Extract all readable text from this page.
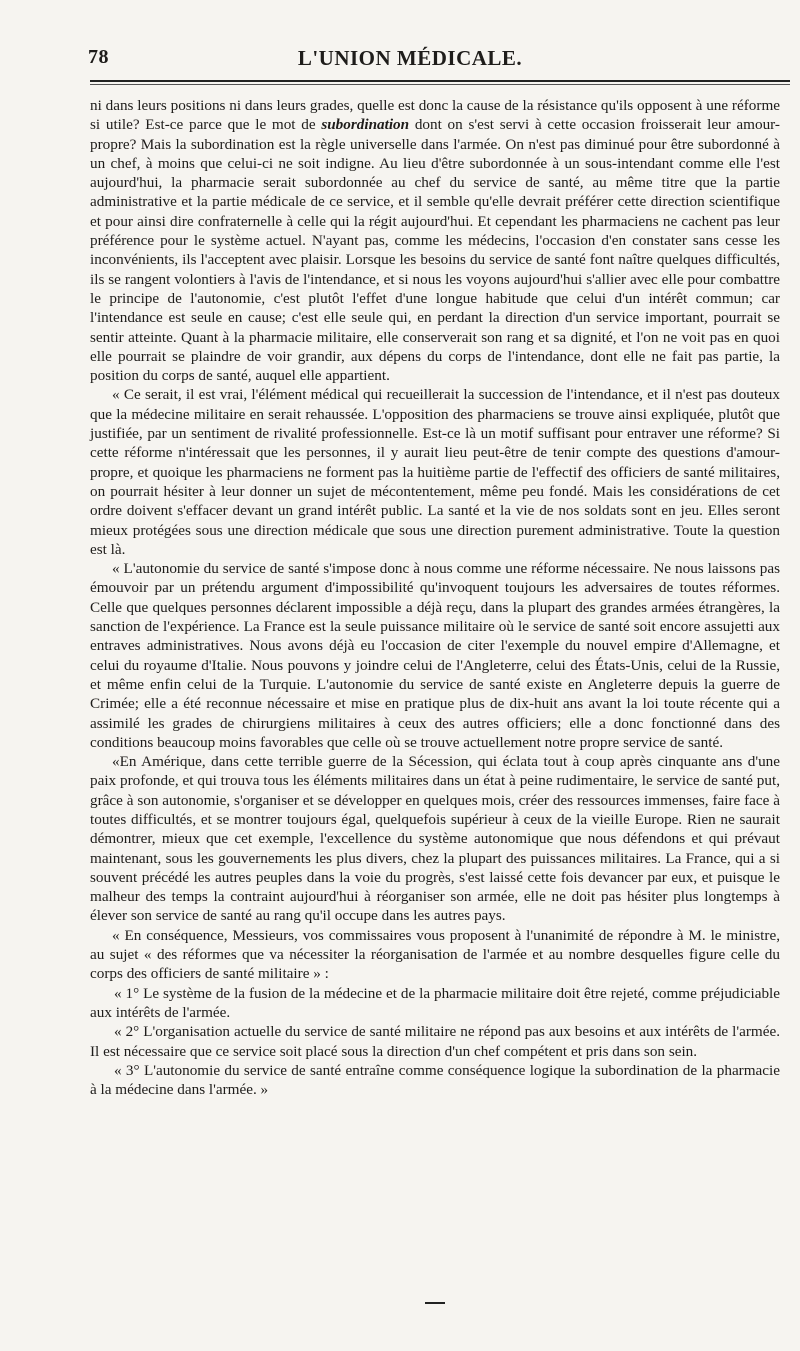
78	L'UNION MÉDICALE.

ni dans leurs positions ni dans leurs grades, quelle est donc la cause de la résistance qu'ils opposent à une réforme si utile? Est-ce parce que le mot de subordination dont on s'est servi à cette occasion froisserait leur amour-propre? Mais la subordination est la règle universelle dans l'armée. On n'est pas diminué pour être subordonné à un chef, à moins que celui-ci ne soit indigne. Au lieu d'être subordonnée à un sous-intendant comme elle l'est aujourd'hui, la pharmacie serait subordonnée au chef du service de santé, au même titre que la partie administrative et la partie médicale de ce service, et il semble qu'elle devrait préférer cette direction scientifique et pour ainsi dire confraternelle à celle qui la régit aujourd'hui. Et cependant les pharmaciens ne cachent pas leur préférence pour le système actuel. N'ayant pas, comme les médecins, l'occasion d'en constater sans cesse les inconvénients, ils l'acceptent avec plaisir. Lorsque les besoins du service de santé font naître quelques difficultés, ils se rangent volontiers à l'avis de l'intendance, et si nous les voyons aujourd'hui s'allier avec elle pour combattre le principe de l'autonomie, c'est plutôt l'effet d'une longue habitude que celui d'un intérêt commun; car l'intendance est seule en cause; c'est elle seule qui, en perdant la direction d'un service important, pourrait se sentir atteinte. Quant à la pharmacie militaire, elle conserverait son rang et sa dignité, et l'on ne voit pas en quoi elle pourrait se plaindre de voir grandir, aux dépens du corps de l'intendance, dont elle ne fait pas partie, la position du corps de santé, auquel elle appartient.

« Ce serait, il est vrai, l'élément médical qui recueillerait la succession de l'intendance, et il n'est pas douteux que la médecine militaire en serait rehaussée. L'opposition des pharmaciens se trouve ainsi expliquée, plutôt que justifiée, par un sentiment de rivalité professionnelle. Est-ce là un motif suffisant pour entraver une réforme? Si cette réforme n'intéressait que les personnes, il y aurait lieu peut-être de tenir compte des questions d'amour-propre, et quoique les pharmaciens ne forment pas la huitième partie de l'effectif des officiers de santé militaires, on pourrait hésiter à leur donner un sujet de mécontentement, même peu fondé. Mais les considérations de cet ordre doivent s'effacer devant un grand intérêt public. La santé et la vie de nos soldats sont en jeu. Elles seront mieux protégées sous une direction médicale que sous une direction purement administrative. Toute la question est là.

« L'autonomie du service de santé s'impose donc à nous comme une réforme nécessaire. Ne nous laissons pas émouvoir par un prétendu argument d'impossibilité qu'invoquent toujours les adversaires de toutes réformes. Celle que quelques personnes déclarent impossible a déjà reçu, dans la plupart des grandes armées étrangères, la sanction de l'expérience. La France est la seule puissance militaire où le service de santé soit encore assujetti aux entraves administratives. Nous avons déjà eu l'occasion de citer l'exemple du nouvel empire d'Allemagne, et celui du royaume d'Italie. Nous pouvons y joindre celui de l'Angleterre, celui des États-Unis, celui de la Russie, et même enfin celui de la Turquie. L'autonomie du service de santé existe en Angleterre depuis la guerre de Crimée; elle a été reconnue nécessaire et mise en pratique plus de dix-huit ans avant la loi toute récente qui a assimilé les grades de chirurgiens militaires à ceux des autres officiers; elle a donc fonctionné dans des conditions beaucoup moins favorables que celle où se trouve actuellement notre propre service de santé.

«En Amérique, dans cette terrible guerre de la Sécession, qui éclata tout à coup après cinquante ans d'une paix profonde, et qui trouva tous les éléments militaires dans un état à peine rudimentaire, le service de santé put, grâce à son autonomie, s'organiser et se développer en quelques mois, créer des ressources immenses, faire face à toutes difficultés, et se montrer toujours égal, quelquefois supérieur à ceux de la vieille Europe. Rien ne saurait démontrer, mieux que cet exemple, l'excellence du système autonomique que nous défendons et qui prévaut maintenant, sous les gouvernements les plus divers, chez la plupart des puissances militaires. La France, qui a si souvent précédé les autres peuples dans la voie du progrès, s'est laissé cette fois devancer par eux, et puisque le malheur des temps la contraint aujourd'hui à réorganiser son armée, elle ne doit pas hésiter plus longtemps à élever son service de santé au rang qu'il occupe dans les autres pays.

« En conséquence, Messieurs, vos commissaires vous proposent à l'unanimité de répondre à M. le ministre, au sujet « des réformes que va nécessiter la réorganisation de l'armée et au nombre desquelles figure celle du corps des officiers de santé militaire » :

« 1° Le système de la fusion de la médecine et de la pharmacie militaire doit être rejeté, comme préjudiciable aux intérêts de l'armée.

« 2° L'organisation actuelle du service de santé militaire ne répond pas aux besoins et aux intérêts de l'armée. Il est nécessaire que ce service soit placé sous la direction d'un chef compétent et pris dans son sein.

« 3° L'autonomie du service de santé entraîne comme conséquence logique la subordination de la pharmacie à la médecine dans l'armée. »
